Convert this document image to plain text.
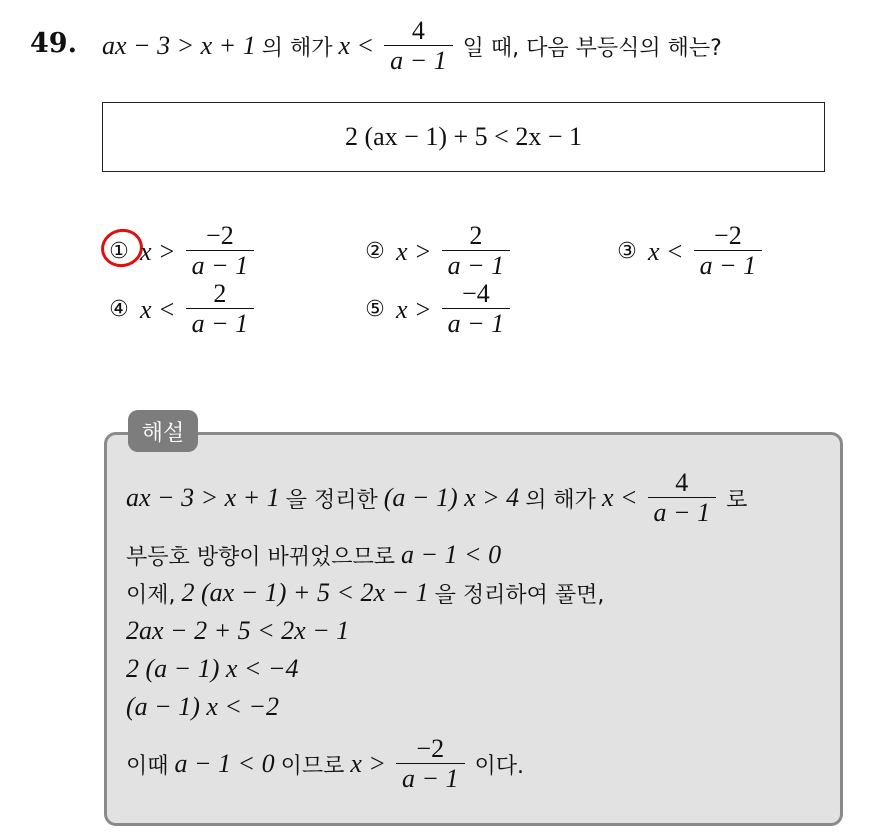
49. ax − 3 > x + 1 의 해가 $x < \frac{4}{a - 1}$ 일 때, 다음 부등식의 해는?
2 (ax − 1) + 5 < 2x − 1
① $x > \frac{-2}{a - 1}$	② $x > \frac{2}{a - 1}$	③ $x < \frac{-2}{a - 1}$
④ $x < \frac{2}{a - 1}$	⑤ $x > \frac{-4}{a - 1}$
해설
ax − 3 > x + 1 을 정리한 (a − 1) x > 4 의 해가 $x < \frac{4}{a - 1}$ 로
부등호 방향이 바뀌었으므로 a − 1 < 0
이제, 2 (ax − 1) + 5 < 2x − 1 을 정리하여 풀면,
2ax − 2 + 5 < 2x − 1
2 (a − 1) x < −4
(a − 1) x < −2
이때 a − 1 < 0 이므로 $x > \frac{-2}{a - 1}$ 이다.
